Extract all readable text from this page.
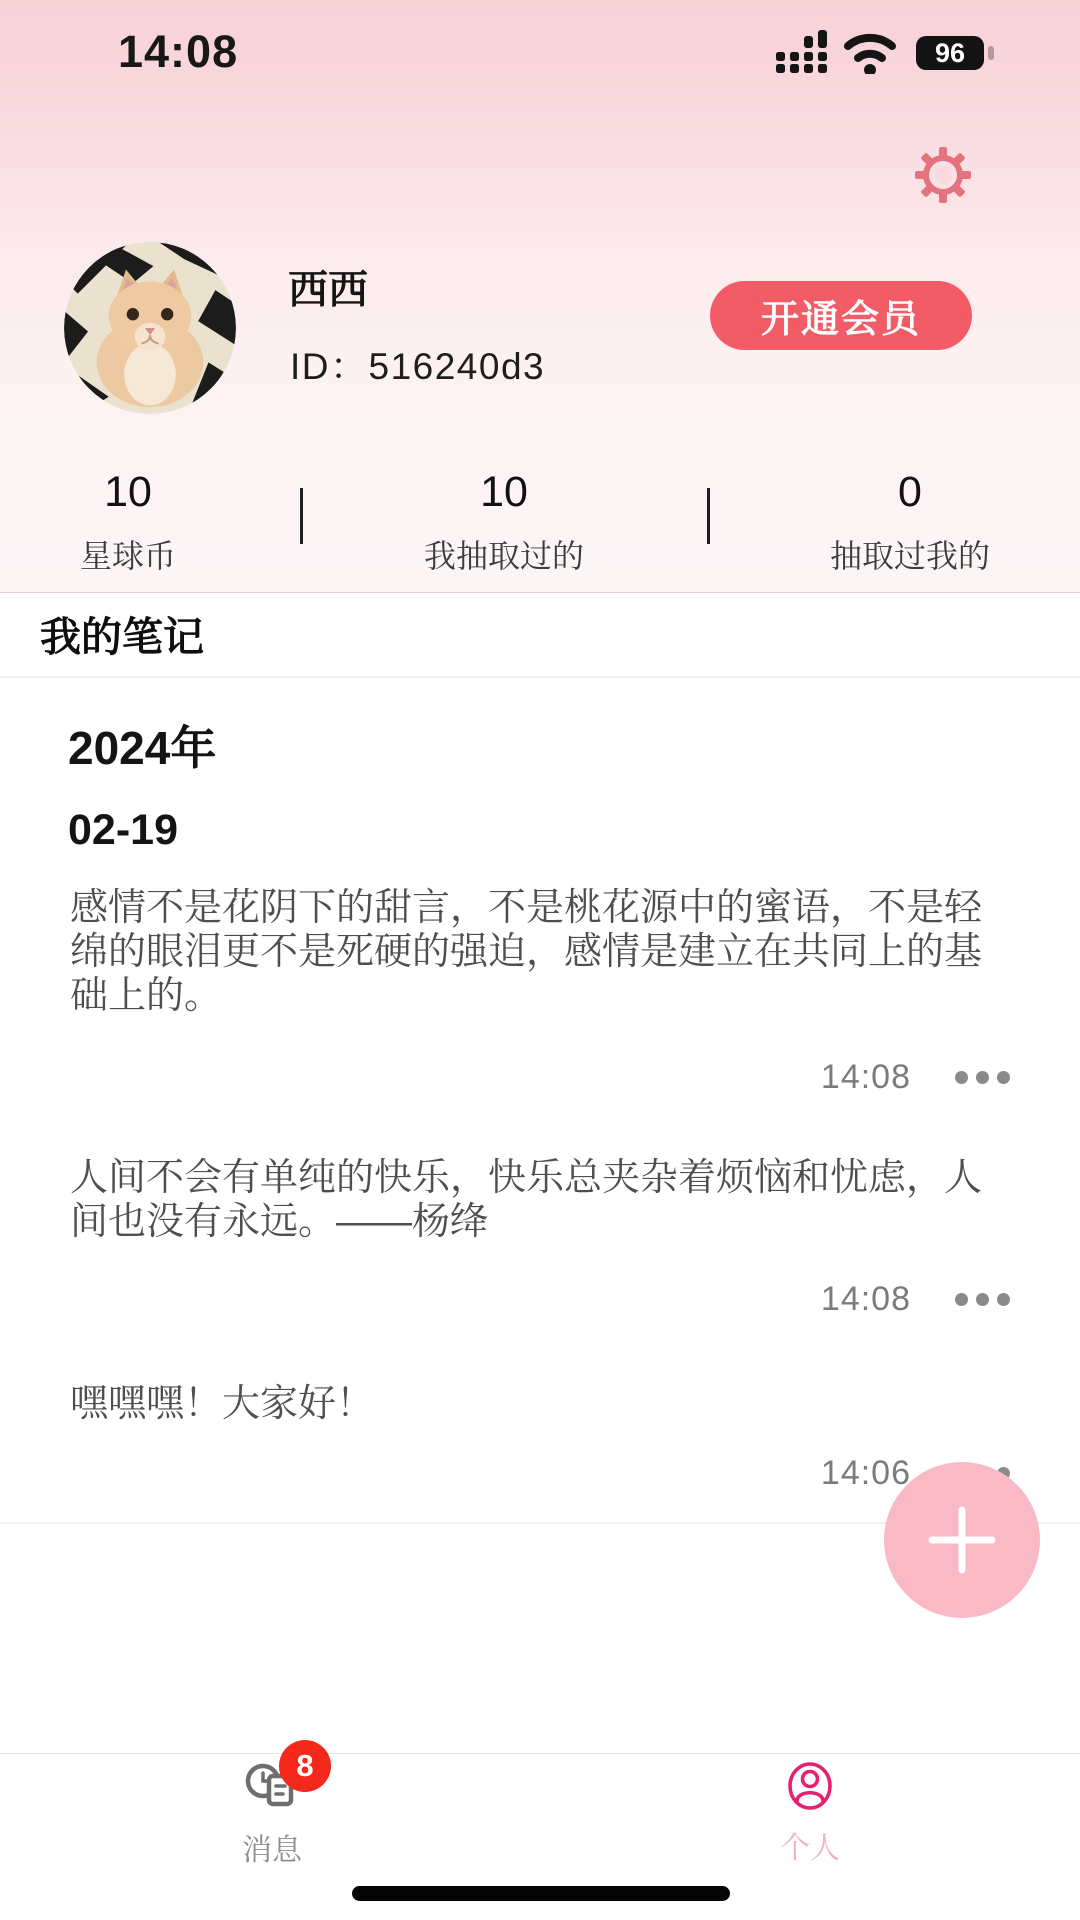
14:08	96
西西
ID：516240d3
开通会员
10
星球币
10
我抽取过的
0
抽取过我的
我的笔记
2024年
02-19
感情不是花阴下的甜言，不是桃花源中的蜜语，不是轻绵的眼泪更不是死硬的强迫，感情是建立在共同上的基础上的。
14:08
人间不会有单纯的快乐，快乐总夹杂着烦恼和忧虑，人间也没有永远。——杨绛
14:08
嘿嘿嘿！大家好！
14:06
消息	个人
8
